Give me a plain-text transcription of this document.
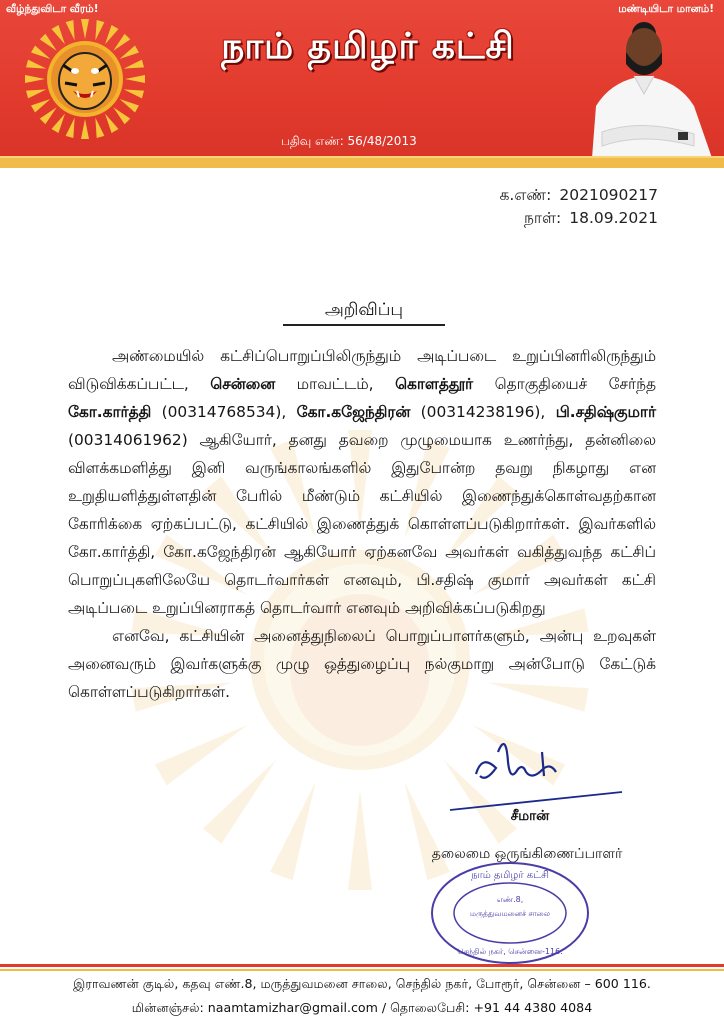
வீழ்ந்துவிடா வீரம்!	மண்டியிடா மானம்!
நாம் தமிழர் கட்சி
பதிவு எண்: 56/48/2013
க.எண்: 2021090217
நாள்: 18.09.2021
அறிவிப்பு
அண்மையில் கட்சிப்பொறுப்பிலிருந்தும் அடிப்படை உறுப்பினரிலிருந்தும் விடுவிக்கப்பட்ட, சென்னை மாவட்டம், கொளத்தூர் தொகுதியைச் சேர்ந்த கோ.கார்த்தி (00314768534), கோ.கஜேந்திரன் (00314238196), பி.சதிஷ்குமார் (00314061962) ஆகியோர், தனது தவறை முழுமையாக உணர்ந்து, தன்னிலை விளக்கமளித்து இனி வருங்காலங்களில் இதுபோன்ற தவறு நிகழாது என உறுதியளித்துள்ளதின் பேரில் மீண்டும் கட்சியில் இணைந்துக்கொள்வதற்கான கோரிக்கை ஏற்கப்பட்டு, கட்சியில் இணைத்துக் கொள்ளப்படுகிறார்கள். இவர்களில் கோ.கார்த்தி, கோ.கஜேந்திரன் ஆகியோர் ஏற்கனவே அவர்கள் வகித்துவந்த கட்சிப் பொறுப்புகளிலேயே தொடர்வார்கள் எனவும், பி.சதிஷ் குமார் அவர்கள் கட்சி அடிப்படை உறுப்பினராகத் தொடர்வார் எனவும் அறிவிக்கப்படுகிறது
எனவே, கட்சியின் அனைத்துநிலைப் பொறுப்பாளர்களும், அன்பு உறவுகள் அனைவரும் இவர்களுக்கு முழு ஒத்துழைப்பு நல்குமாறு அன்போடு கேட்டுக் கொள்ளப்படுகிறார்கள்.
சீமான்
தலைமை ஒருங்கிணைப்பாளர்
நாம் தமிழர் கட்சி
எண்.8,
மருத்துவமனைச் சாலை
செந்தில் நகர், சென்னை-116.
இராவணன் குடில், கதவு எண்.8, மருத்துவமனை சாலை, செந்தில் நகர், போரூர், சென்னை – 600 116.
மின்னஞ்சல்: naamtamizhar@gmail.com / தொலைபேசி: +91 44 4380 4084
